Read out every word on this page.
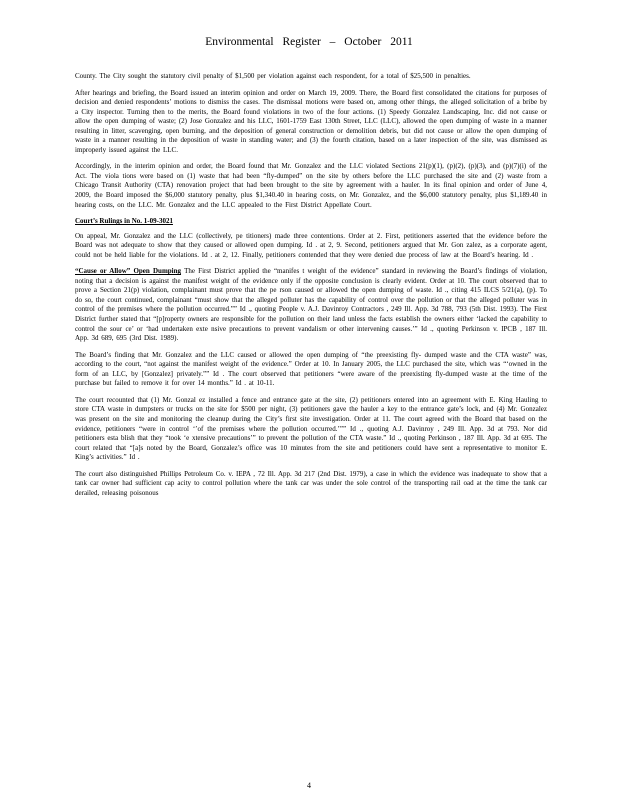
Environmental Register – October 2011

County. The City sought the statutory civil penalty of $1,500 per violation against each respondent, for a total of $25,500 in penalties.

After hearings and briefing, the Board issued an interim opinion and order on March 19, 2009. There, the Board first consolidated the citations for purposes of decision and denied respondents’ motions to dismiss the cases. The dismissal motions were based on, among other things, the alleged solicitation of a bribe by a City inspector. Turning then to the merits, the Board found violations in two of the four actions. (1) Speedy Gonzalez Landscaping, Inc. did not cause or allow the open dumping of waste; (2) Jose Gonzalez and his LLC, 1601-1759 East 130th Street, LLC (LLC), allowed the open dumping of waste in a manner resulting in litter, scavenging, open burning, and the deposition of general construction or demolition debris, but did not cause or allow the open dumping of waste in a manner resulting in the deposition of waste in standing water; and (3) the fourth citation, based on a later inspection of the site, was dismissed as improperly issued against the LLC.

Accordingly, in the interim opinion and order, the Board found that Mr. Gonzalez and the LLC violated Sections 21(p)(1), (p)(2), (p)(3), and (p)(7)(i) of the Act. The viola tions were based on (1) waste that had been “fly-dumped” on the site by others before the LLC purchased the site and (2) waste from a Chicago Transit Authority (CTA) renovation project that had been brought to the site by agreement with a hauler. In its final opinion and order of June 4, 2009, the Board imposed the $6,000 statutory penalty, plus $1,340.40 in hearing costs, on Mr. Gonzalez, and the $6,000 statutory penalty, plus $1,189.40 in hearing costs, on the LLC. Mr. Gonzalez and the LLC appealed to the First District Appellate Court.

Court’s Rulings in No. 1-09-3021

On appeal, Mr. Gonzalez and the LLC (collectively, pe titioners) made three contentions. Order at 2. First, petitioners asserted that the evidence before the Board was not adequate to show that they caused or allowed open dumping. Id . at 2, 9. Second, petitioners argued that Mr. Gon zalez, as a corporate agent, could not be held liable for the violations. Id . at 2, 12. Finally, petitioners contended that they were denied due process of law at the Board’s hearing. Id .

“Cause or Allow” Open Dumping The First District applied the “manifes t weight of the evidence” standard in reviewing the Board’s findings of violation, noting that a decision is against the manifest weight of the evidence only if the opposite conclusion is clearly evident. Order at 10. The court observed that to prove a Section 21(p) violation, complainant must prove that the pe rson caused or allowed the open dumping of waste. Id ., citing 415 ILCS 5/21(a), (p). To do so, the court continued, complainant “must show that the alleged polluter has the capability of control over the pollution or that the alleged polluter was in control of the premises where the pollution occurred.”” Id ., quoting People v. A.J. Davinroy Contractors , 249 Ill. App. 3d 788, 793 (5th Dist. 1993). The First District further stated that “[p]roperty owners are responsible for the pollution on their land unless the facts establish the owners either ‘lacked the capability to control the sour ce’ or ‘had undertaken exte nsive precautions to prevent vandalism or other intervening causes.’” Id ., quoting Perkinson v. IPCB , 187 Ill. App. 3d 689, 695 (3rd Dist. 1989).

The Board’s finding that Mr. Gonzalez and the LLC caused or allowed the open dumping of “the preexisting fly- dumped waste and the CTA waste” was, according to the court, “not against the manifest weight of the evidence.” Order at 10. In January 2005, the LLC purchased the site, which was “‘owned in the form of an LLC, by [Gonzalez] privately.”” Id . The court observed that petitioners “were aware of the preexisting fly-dumped waste at the time of the purchase but failed to remove it for over 14 months.” Id . at 10-11.

The court recounted that (1) Mr. Gonzal ez installed a fence and entrance gate at the site, (2) petitioners entered into an agreement with E. King Hauling to store CTA waste in dumpsters or trucks on the site for $500 per night, (3) petitioners gave the hauler a key to the entrance gate’s lock, and (4) Mr. Gonzalez was present on the site and monitoring the cleanup during the City’s first site investigation. Order at 11. The court agreed with the Board that based on the evidence, petitioners “were in control ‘’of the premises where the pollution occurred.’”” Id ., quoting A.J. Davinroy , 249 Ill. App. 3d at 793. Nor did petitioners esta blish that they “took ‘e xtensive precautions’” to prevent the pollution of the CTA waste.” Id ., quoting Perkinson , 187 Ill. App. 3d at 695. The court related that “[a]s noted by the Board, Gonzalez’s office was 10 minutes from the site and petitioners could have sent a representative to monitor E. King’s activities.” Id .

The court also distinguished Phillips Petroleum Co. v. IEPA , 72 Ill. App. 3d 217 (2nd Dist. 1979), a case in which the evidence was inadequate to show that a tank car owner had sufficient cap acity to control pollution where the tank car was under the sole control of the transporting rail oad at the time the tank car derailed, releasing poisonous

4
